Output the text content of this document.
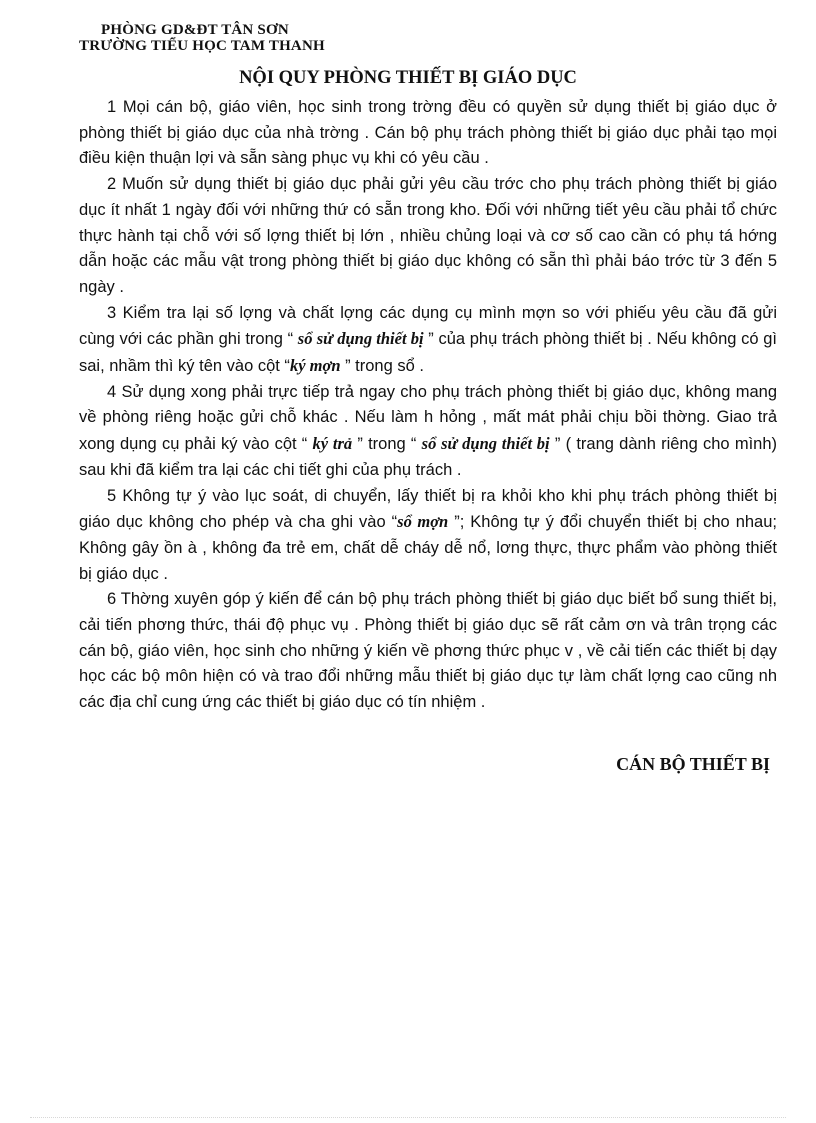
PHÒNG GD&ĐT TÂN SƠN
TRƯỜNG TIỂU HỌC TAM THANH
NỘI QUY PHÒNG THIẾT BỊ GIÁO DỤC

1 Mọi cán bộ, giáo viên, học sinh trong trờng đều có quyền sử dụng thiết bị giáo dục ở phòng thiết bị giáo dục của nhà trờng . Cán bộ phụ trách phòng thiết bị giáo dục phải tạo mọi điều kiện thuận lợi và sẵn sàng phục vụ khi có yêu cầu .

2 Muốn sử dụng thiết bị giáo dục phải gửi yêu cầu trớc cho phụ trách phòng thiết bị giáo dục ít nhất 1 ngày đối với những thứ có sẵn trong kho. Đối với những tiết yêu cầu phải tổ chức thực hành tại chỗ với số lợng thiết bị lớn , nhiều chủng loại và cơ số cao cần có phụ tá hớng dẫn hoặc các mẫu vật trong phòng thiết bị giáo dục không có sẵn thì phải báo trớc từ 3 đến 5 ngày .

3 Kiểm tra lại số lợng và chất lợng các dụng cụ mình mợn so với phiếu yêu cầu đã gửi cùng với các phần ghi trong “ sổ sử dụng thiết bị ” của phụ trách phòng thiết bị . Nếu không có gì sai, nhầm thì ký tên vào cột “ký mợn ” trong sổ .

4 Sử dụng xong phải trực tiếp trả ngay cho phụ trách phòng thiết bị giáo dục, không mang về phòng riêng hoặc gửi chỗ khác . Nếu làm h hỏng , mất mát phải chịu bồi thờng. Giao trả xong dụng cụ phải ký vào cột “ ký trả ” trong “ sổ sử dụng thiết bị ” ( trang dành riêng cho mình) sau khi đã kiểm tra lại các chi tiết ghi của phụ trách .

5 Không tự ý vào lục soát, di chuyển, lấy thiết bị ra khỏi kho khi phụ trách phòng thiết bị giáo dục không cho phép và cha ghi vào “sổ mợn ”; Không tự ý đổi chuyển thiết bị cho nhau; Không gây ồn à , không đa trẻ em, chất dễ cháy dễ nổ, lơng thực, thực phẩm vào phòng thiết bị giáo dục .

6 Thờng xuyên góp ý kiến để cán bộ phụ trách phòng thiết bị giáo dục biết bổ sung thiết bị, cải tiến phơng thức, thái độ phục vụ . Phòng thiết bị giáo dục sẽ rất cảm ơn và trân trọng các cán bộ, giáo viên, học sinh cho những ý kiến về phơng thức phục v , về cải tiến các thiết bị dạy học các bộ môn hiện có và trao đổi những mẫu thiết bị giáo dục tự làm chất lợng cao cũng nh các địa chỉ cung ứng các thiết bị giáo dục có tín nhiệm .

CÁN BỘ THIẾT BỊ
